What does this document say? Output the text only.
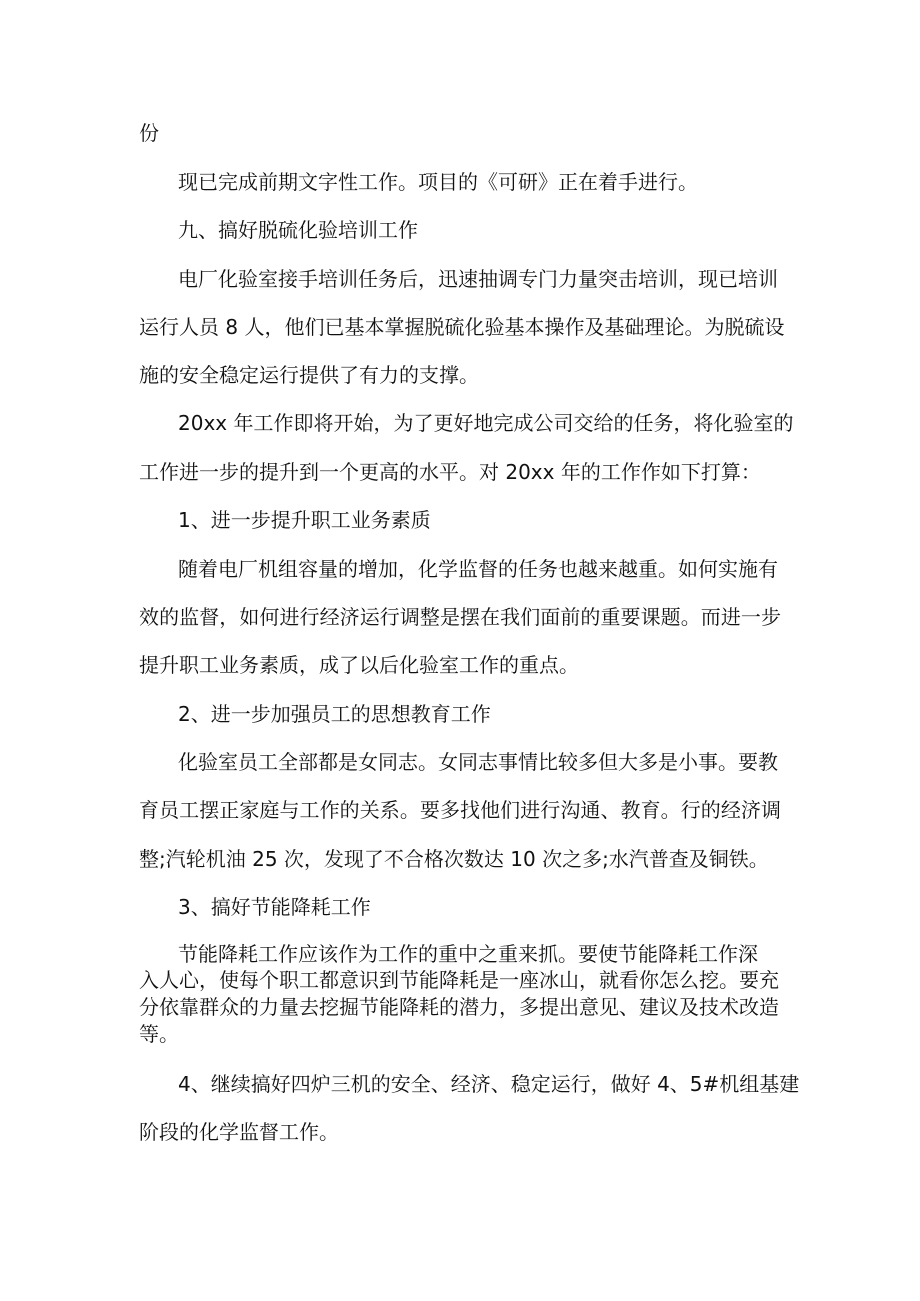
份

现已完成前期文字性工作。项目的《可研》正在着手进行。

九、搞好脱硫化验培训工作

电厂化验室接手培训任务后，迅速抽调专门力量突击培训，现已培训

运行人员 8 人，他们已基本掌握脱硫化验基本操作及基础理论。为脱硫设

施的安全稳定运行提供了有力的支撑。

20xx 年工作即将开始，为了更好地完成公司交给的任务，将化验室的

工作进一步的提升到一个更高的水平。对 20xx 年的工作作如下打算：

1、进一步提升职工业务素质

随着电厂机组容量的增加，化学监督的任务也越来越重。如何实施有

效的监督，如何进行经济运行调整是摆在我们面前的重要课题。而进一步

提升职工业务素质，成了以后化验室工作的重点。

2、进一步加强员工的思想教育工作

化验室员工全部都是女同志。女同志事情比较多但大多是小事。要教

育员工摆正家庭与工作的关系。要多找他们进行沟通、教育。行的经济调

整;汽轮机油 25 次，发现了不合格次数达 10 次之多;水汽普查及铜铁。

3、搞好节能降耗工作

节能降耗工作应该作为工作的重中之重来抓。要使节能降耗工作深

入人心，使每个职工都意识到节能降耗是一座冰山，就看你怎么挖。要充

分依靠群众的力量去挖掘节能降耗的潜力，多提出意见、建议及技术改造

等。

4、继续搞好四炉三机的安全、经济、稳定运行，做好 4、5#机组基建

阶段的化学监督工作。
